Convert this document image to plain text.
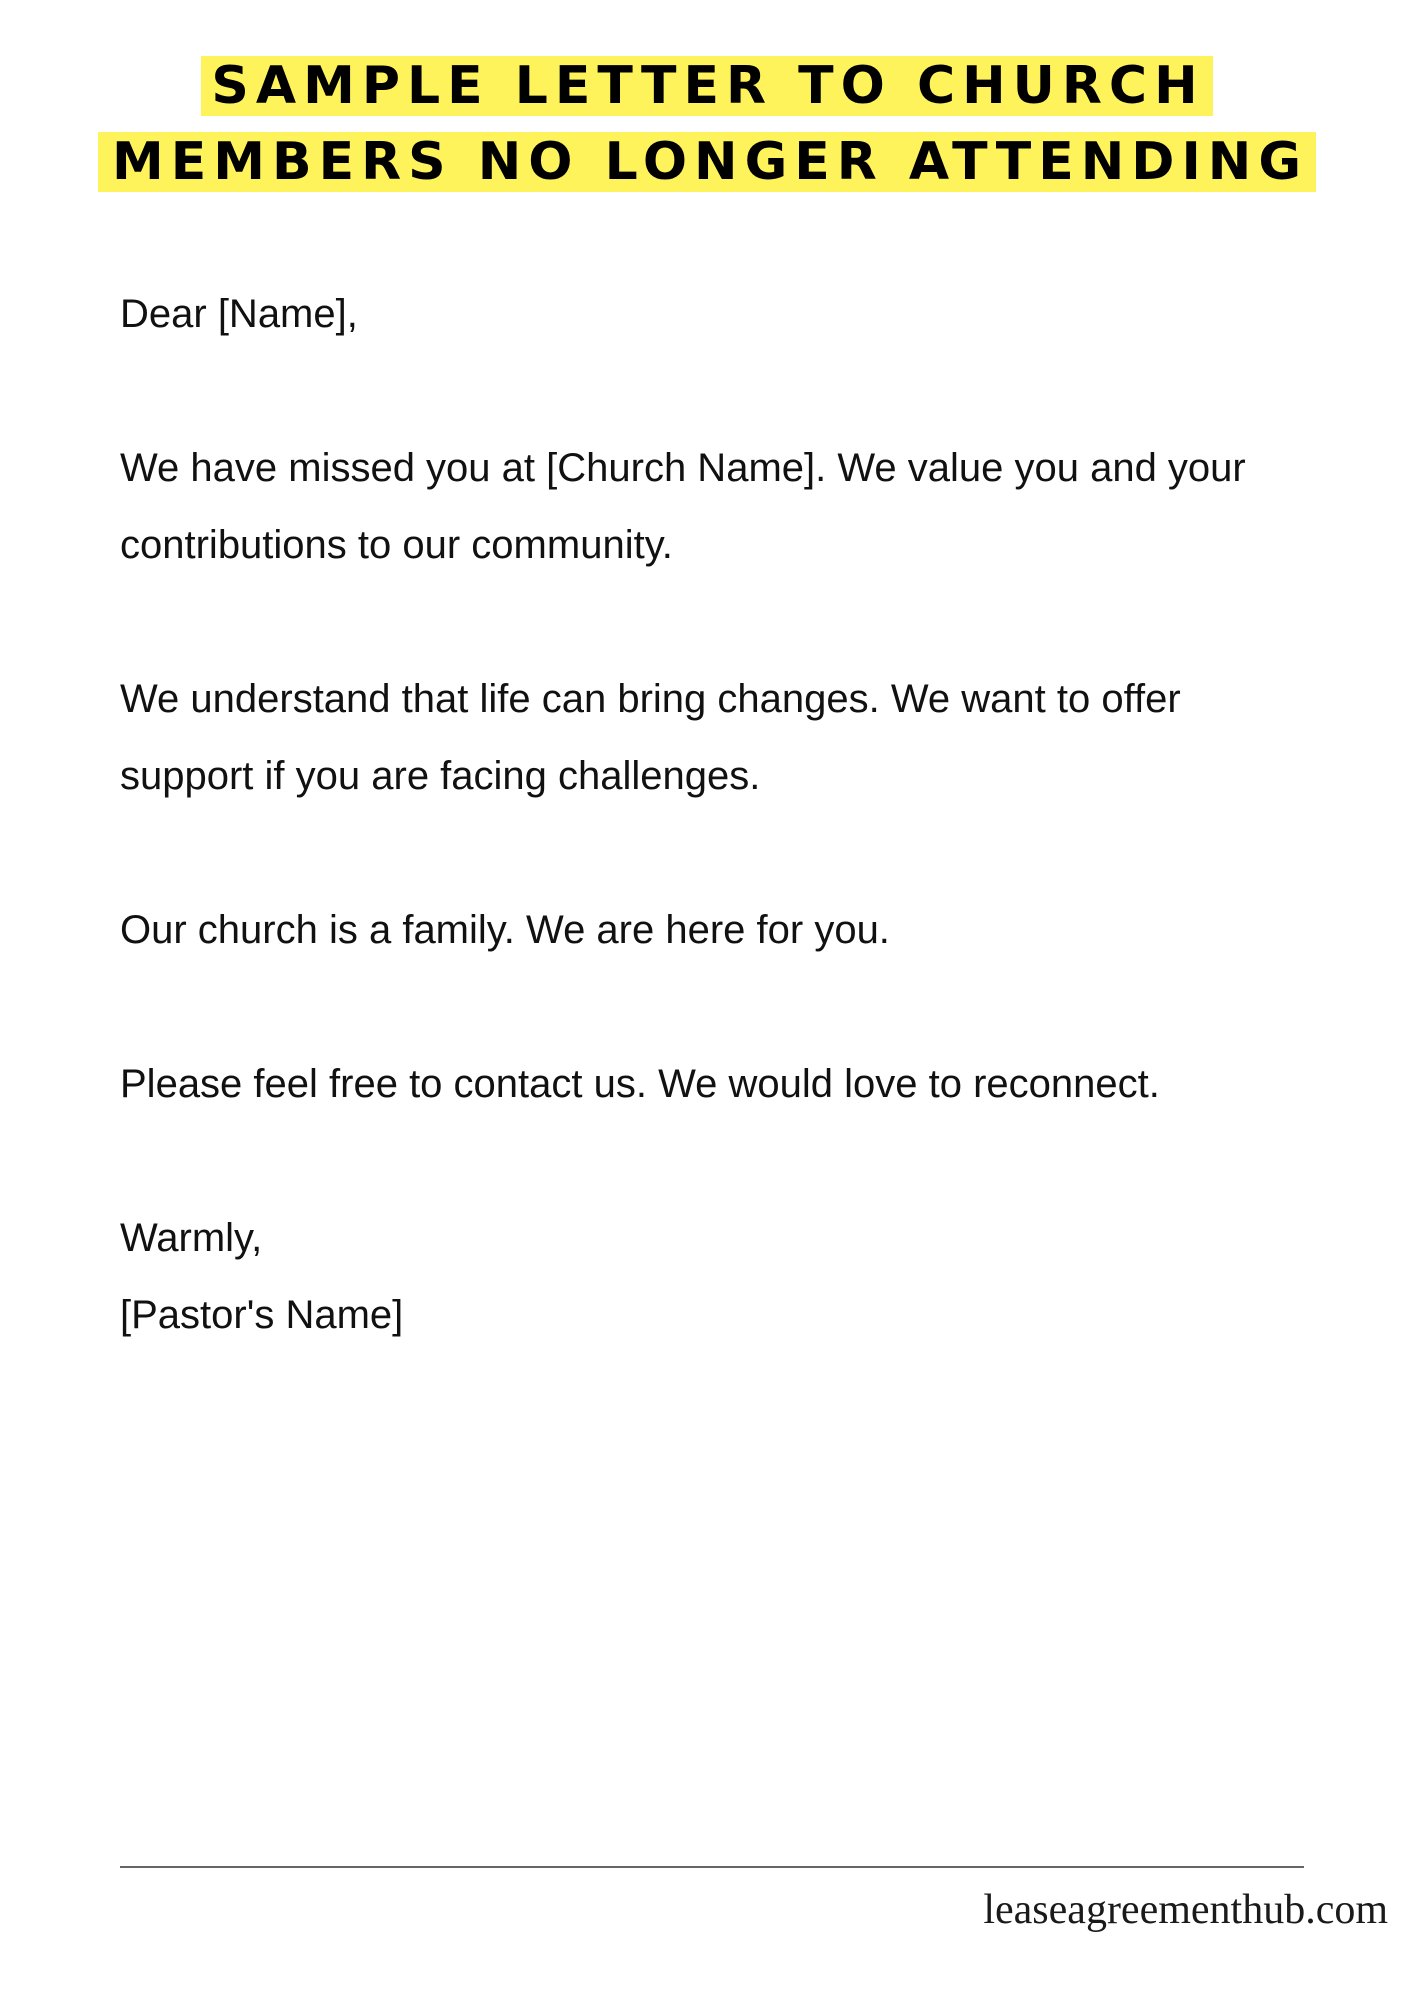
SAMPLE LETTER TO CHURCH
MEMBERS NO LONGER ATTENDING

Dear [Name],

We have missed you at [Church Name]. We value you and your contributions to our community.

We understand that life can bring changes. We want to offer support if you are facing challenges.

Our church is a family. We are here for you.

Please feel free to contact us. We would love to reconnect.

Warmly,
[Pastor's Name]

leaseagreementhub.com
